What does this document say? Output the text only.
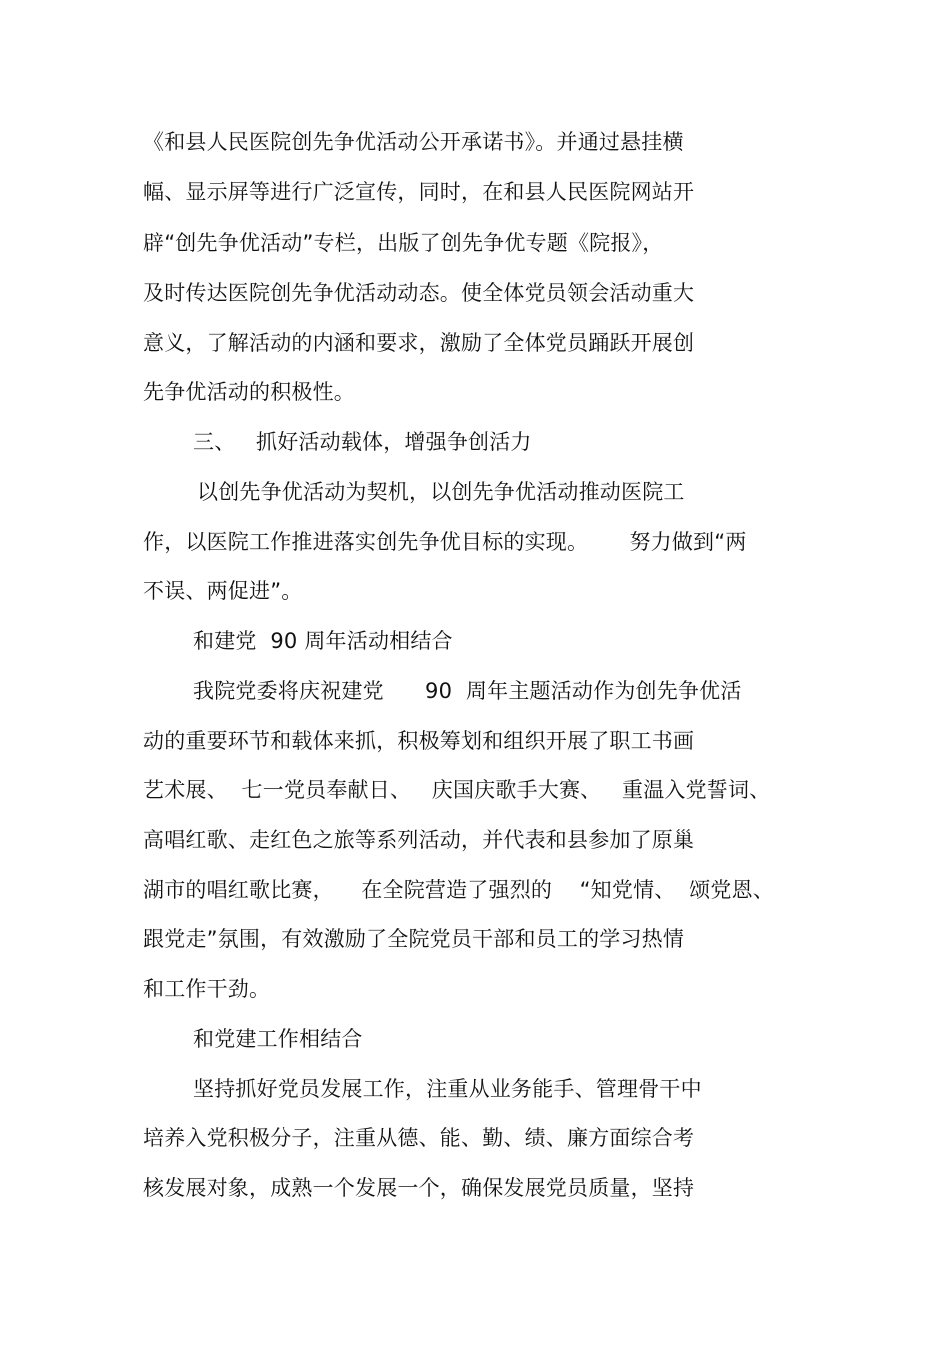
《和县人民医院创先争优活动公开承诺书》。并通过悬挂横
幅、显示屏等进行广泛宣传，同时，在和县人民医院网站开
辟“创先争优活动”专栏，出版了创先争优专题《院报》，
及时传达医院创先争优活动动态。使全体党员领会活动重大
意义，了解活动的内涵和要求，激励了全体党员踊跃开展创
先争优活动的积极性。
三、   抓好活动载体，增强争创活力
以创先争优活动为契机，以创先争优活动推动医院工
作，以医院工作推进落实创先争优目标的实现。      努力做到“两
不误、两促进”。
和建党  90 周年活动相结合
我院党委将庆祝建党      90  周年主题活动作为创先争优活
动的重要环节和载体来抓，积极筹划和组织开展了职工书画
艺术展、  七一党员奉献日、   庆国庆歌手大赛、   重温入党誓词、
高唱红歌、走红色之旅等系列活动，并代表和县参加了原巢
湖市的唱红歌比赛，    在全院营造了强烈的    “知党情、  颂党恩、
跟党走”氛围，有效激励了全院党员干部和员工的学习热情
和工作干劲。
和党建工作相结合
坚持抓好党员发展工作，注重从业务能手、管理骨干中
培养入党积极分子，注重从德、能、勤、绩、廉方面综合考
核发展对象，成熟一个发展一个，确保发展党员质量，坚持
